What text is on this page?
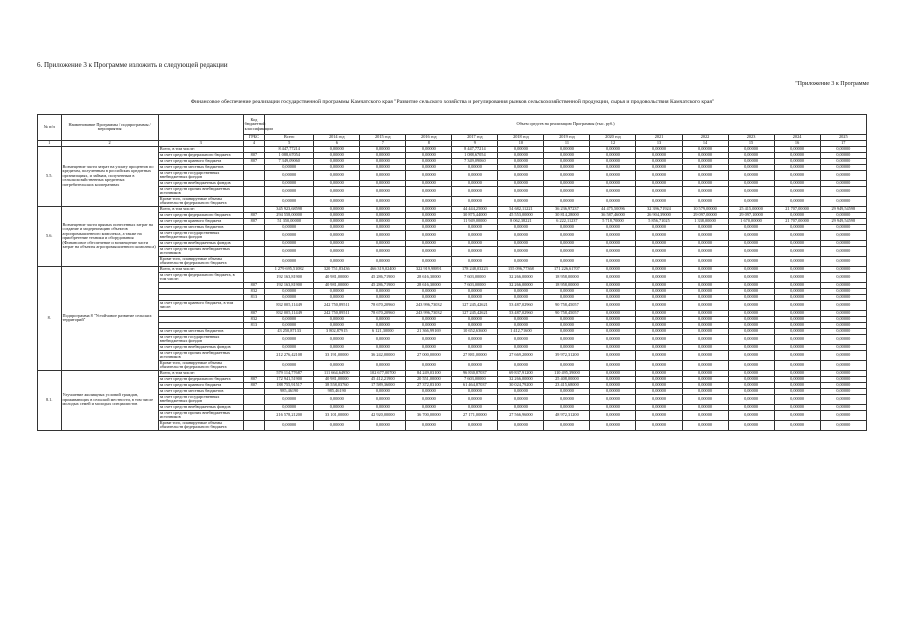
6. Приложение 3 к Программе изложить в следующей редакции
"Приложение 3 к Программе
Финансовое обеспечение реализации государственной программы Камчатского края "Развитие сельского хозяйства и регулирования рынков сельскохозяйственной продукции, сырья и продовольствия Камчатского края"
№ п/п	Наименование Программы / подпрограммы / мероприятия		Код бюджетной классификации	Объем средств на реализацию Программы (тыс. руб.)												
			ГРБС	Всего	2014 год	2015 год	2016 год	2017 год	2018 год	2019 год	2020 год	2021	2022	2023	2024	2025
1	2	3	4	5	6	7	8	9	10	11	12	13	14	15	16	17
5.5.	Возмещение части затрат на уплату процентов по кредитам, полученным в российских кредитных организациях, и займам, полученным в сельскохозяйственных кредитных потребительских кооперативах	Всего, в том числе:		8 447,77214	0,00000	0,00000	0,00000	8 447,77214	0,00000	0,00000	0,00000	0,00000	0,00000	0,00000	0,00000	0,00000
		за счет средств федерального бюджета	807	1 088,67054	0,00000	0,00000	0,00000	1 088,67054	0,00000	0,00000	0,00000	0,00000	0,00000	0,00000	0,00000	0,00000
		за счет средств краевого бюджета	807	7 349,09060	0,00000	0,00000	0,00000	7 349,09060	0,00000	0,00000	0,00000	0,00000	0,00000	0,00000	0,00000	0,00000
		за счет средств местных бюджетов		0,00000	0,00000	0,00000	0,00000	0,00000	0,00000	0,00000	0,00000	0,00000	0,00000	0,00000	0,00000	0,00000
		за счет средств государственных внебюджетных фондов		0,00000	0,00000	0,00000	0,00000	0,00000	0,00000	0,00000	0,00000	0,00000	0,00000	0,00000	0,00000	0,00000
		за счет средств внебюджетных фондов		0,00000	0,00000	0,00000	0,00000	0,00000	0,00000	0,00000	0,00000	0,00000	0,00000	0,00000	0,00000	0,00000
		за счет средств прочих внебюджетных источников		0,00000	0,00000	0,00000	0,00000	0,00000	0,00000	0,00000	0,00000	0,00000	0,00000	0,00000	0,00000	0,00000
		Кроме того, планируемые объемы обязательств федерального бюджета		0,00000	0,00000	0,00000	0,00000	0,00000	0,00000	0,00000	0,00000	0,00000	0,00000	0,00000	0,00000	0,00000
5.6.	Возмещение части прямых понесенных затрат на создание и модернизацию объектов агропромышленного комплекса, а также на приобретение техники и оборудования (Финансовое обеспечение и возмещение части затрат на объекты агропромышленного комплекса)	Всего, в том числе:		345 923,68598	0,00000	0,00000	0,00000	44 444,25000	54 682,11221	36 236,97237	44 475,50096	32 396,71924	10 579,00000	25 415,00000	21 707,00000	29 949,54598
		за счет средств федерального бюджета	807	294 558,00000	0,00000	0,00000	0,00000	30 875,44000	45 553,00000	30 814,28000	36 587,46000	26 904,39000	29 097,00000	29 097,10000	0,00000	0,00000
		за счет средств краевого бюджета	807	51 350,00000	0,00000	0,00000	0,00000	11 949,00000	8 062,38221	6 222,11237	5 718,70000	5 856,71025	1 338,00000	1 670,00000	21 707,00000	29 949,54598
		за счет средств местных бюджетов		0,00000	0,00000	0,00000	0,00000	0,00000	0,00000	0,00000	0,00000	0,00000	0,00000	0,00000	0,00000	0,00000
		за счет средств государственных внебюджетных фондов		0,00000	0,00000	0,00000	0,00000	0,00000	0,00000	0,00000	0,00000	0,00000	0,00000	0,00000	0,00000	0,00000
		за счет средств внебюджетных фондов		0,00000	0,00000	0,00000	0,00000	0,00000	0,00000	0,00000	0,00000	0,00000	0,00000	0,00000	0,00000	0,00000
		за счет средств прочих внебюджетных источников		0,00000	0,00000	0,00000	0,00000	0,00000	0,00000	0,00000	0,00000	0,00000	0,00000	0,00000	0,00000	0,00000
		Кроме того, планируемые объемы обязательств федерального бюджета		0,00000	0,00000	0,00000	0,00000	0,00000	0,00000	0,00000	0,00000	0,00000	0,00000	0,00000	0,00000	0,00000
8.	Подпрограмма 8 "Устойчивое развитие сельских территорий"	Всего, в том числе:		1 279 695,51082	320 751,83436	466 319,02400	322 919,98891	178 248,03223	155 096,77368	171 226,61707	0,00000	0,00000	0,00000	0,00000	0,00000	0,00000
		за счет средств федерального бюджета, в том числе:		192 163,81900	40 981,00000	45 286,71900	28 616,30000	7 603,00000	32 266,00000	18 958,00000	0,00000	0,00000	0,00000	0,00000	0,00000	0,00000
			807	192 163,81900	40 981,00000	45 286,71900	28 616,30000	7 603,00000	32 266,00000	18 958,00000	0,00000	0,00000	0,00000	0,00000	0,00000	0,00000
			832	0,00000	0,00000	0,00000	0,00000	0,00000	0,00000	0,00000	0,00000	0,00000	0,00000	0,00000	0,00000	0,00000
			813	0,00000	0,00000	0,00000	0,00000	0,00000	0,00000	0,00000	0,00000	0,00000	0,00000	0,00000	0,00000	0,00000
		за счет средств краевого бюджета, в том числе:		832 005,11449	242 750,89511	78 670,20960	243 996,73032	127 245,42621	53 487,02960	90 758,45057	0,00000	0,00000	0,00000	0,00000	0,00000	0,00000
			807	832 005,11449	242 750,89511	78 670,20960	243 996,73032	127 245,42621	53 487,02960	90 758,45057	0,00000	0,00000	0,00000	0,00000	0,00000	0,00000
			832	0,00000	0,00000	0,00000	0,00000	0,00000	0,00000	0,00000	0,00000	0,00000	0,00000	0,00000	0,00000	0,00000
			813	0,00000	0,00000	0,00000	0,00000	0,00000	0,00000	0,00000	0,00000	0,00000	0,00000	0,00000	0,00000	0,00000
		за счет средств местных бюджетов		43 250,87133	3 802,87915	6 121,30000	21 366,99169	10 652,63600	1 412,71600	0,00000	0,00000	0,00000	0,00000	0,00000	0,00000	0,00000
		за счет средств государственных внебюджетных фондов		0,00000	0,00000	0,00000	0,00000	0,00000	0,00000	0,00000	0,00000	0,00000	0,00000	0,00000	0,00000	0,00000
		за счет средств внебюджетных фондов		0,00000	0,00000	0,00000	0,00000	0,00000	0,00000	0,00000	0,00000	0,00000	0,00000	0,00000	0,00000	0,00000
		за счет средств прочих внебюджетных источников		212 276,42108	33 191,00000	36 242,00000	27 000,00000	27 881,00000	27 669,20000	39 972,31200	0,00000	0,00000	0,00000	0,00000	0,00000	0,00000
		Кроме того, планируемые объемы обязательств федерального бюджета		0,00000	0,00000	0,00000	0,00000	0,00000	0,00000	0,00000	0,00000	0,00000	0,00000	0,00000	0,00000	0,00000
8.1.	Улучшение жилищных условий граждан, проживающих в сельской местности, в том числе молодых семей и молодых специалистов	Всего, в том числе:		579 114,77687	111 664,64950	102 677,00700	84 249,03100	96 830,87037	69 837,91200	110 495,39000	0,00000	0,00000	0,00000	0,00000	0,00000	0,00000
		за счет средств федерального бюджета	807	172 941,51900	40 981,00000	45 412,21900	20 551,00000	7 603,00000	32 266,00000	25 408,00000	0,00000	0,00000	0,00000	0,00000	0,00000	0,00000
		за счет средств краевого бюджета	807	188 755,91517	38 558,03760	17 589,36000	27 372,83100	61 464,87037	30 024,79200	23 415,68000	0,00000	0,00000	0,00000	0,00000	0,00000	0,00000
		за счет средств местных бюджетов		985,46190	985,46190	0,00000	0,00000	0,00000	0,00000	0,00000	0,00000	0,00000	0,00000	0,00000	0,00000	0,00000
		за счет средств государственных внебюджетных фондов		0,00000	0,00000	0,00000	0,00000	0,00000	0,00000	0,00000	0,00000	0,00000	0,00000	0,00000	0,00000	0,00000
		за счет средств внебюджетных фондов		0,00000	0,00000	0,00000	0,00000	0,00000	0,00000	0,00000	0,00000	0,00000	0,00000	0,00000	0,00000	0,00000
		за счет средств прочих внебюджетных источников		216 578,21200	33 101,00000	42 920,00000	36 700,00000	27 171,00000	27 566,96000	48 972,31200	0,00000	0,00000	0,00000	0,00000	0,00000	0,00000
		Кроме того, планируемые объемы обязательств федерального бюджета		0,00000	0,00000	0,00000	0,00000	0,00000	0,00000	0,00000	0,00000	0,00000	0,00000	0,00000	0,00000	0,00000
